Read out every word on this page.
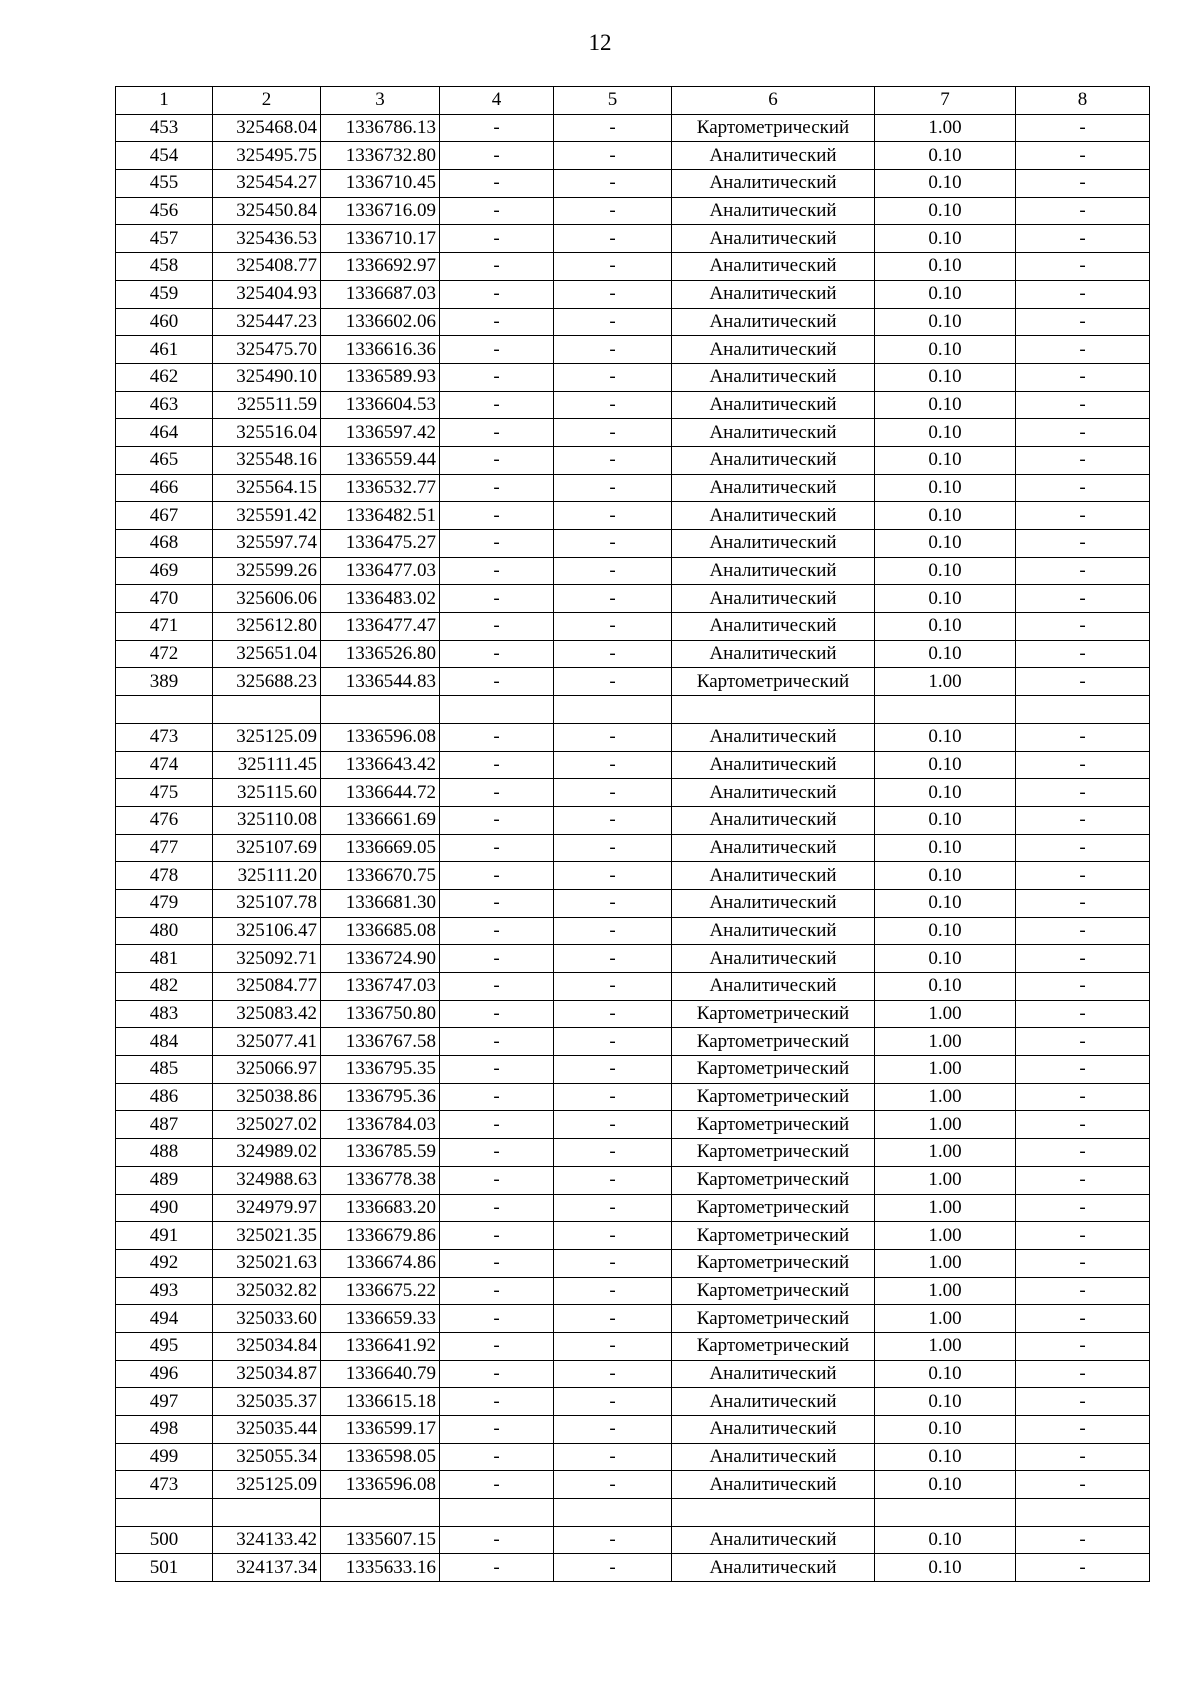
12
1	2	3	4	5	6	7	8
453	325468.04	1336786.13	-	-	Картометрический	1.00	-
454	325495.75	1336732.80	-	-	Аналитический	0.10	-
455	325454.27	1336710.45	-	-	Аналитический	0.10	-
456	325450.84	1336716.09	-	-	Аналитический	0.10	-
457	325436.53	1336710.17	-	-	Аналитический	0.10	-
458	325408.77	1336692.97	-	-	Аналитический	0.10	-
459	325404.93	1336687.03	-	-	Аналитический	0.10	-
460	325447.23	1336602.06	-	-	Аналитический	0.10	-
461	325475.70	1336616.36	-	-	Аналитический	0.10	-
462	325490.10	1336589.93	-	-	Аналитический	0.10	-
463	325511.59	1336604.53	-	-	Аналитический	0.10	-
464	325516.04	1336597.42	-	-	Аналитический	0.10	-
465	325548.16	1336559.44	-	-	Аналитический	0.10	-
466	325564.15	1336532.77	-	-	Аналитический	0.10	-
467	325591.42	1336482.51	-	-	Аналитический	0.10	-
468	325597.74	1336475.27	-	-	Аналитический	0.10	-
469	325599.26	1336477.03	-	-	Аналитический	0.10	-
470	325606.06	1336483.02	-	-	Аналитический	0.10	-
471	325612.80	1336477.47	-	-	Аналитический	0.10	-
472	325651.04	1336526.80	-	-	Аналитический	0.10	-
389	325688.23	1336544.83	-	-	Картометрический	1.00	-

473	325125.09	1336596.08	-	-	Аналитический	0.10	-
474	325111.45	1336643.42	-	-	Аналитический	0.10	-
475	325115.60	1336644.72	-	-	Аналитический	0.10	-
476	325110.08	1336661.69	-	-	Аналитический	0.10	-
477	325107.69	1336669.05	-	-	Аналитический	0.10	-
478	325111.20	1336670.75	-	-	Аналитический	0.10	-
479	325107.78	1336681.30	-	-	Аналитический	0.10	-
480	325106.47	1336685.08	-	-	Аналитический	0.10	-
481	325092.71	1336724.90	-	-	Аналитический	0.10	-
482	325084.77	1336747.03	-	-	Аналитический	0.10	-
483	325083.42	1336750.80	-	-	Картометрический	1.00	-
484	325077.41	1336767.58	-	-	Картометрический	1.00	-
485	325066.97	1336795.35	-	-	Картометрический	1.00	-
486	325038.86	1336795.36	-	-	Картометрический	1.00	-
487	325027.02	1336784.03	-	-	Картометрический	1.00	-
488	324989.02	1336785.59	-	-	Картометрический	1.00	-
489	324988.63	1336778.38	-	-	Картометрический	1.00	-
490	324979.97	1336683.20	-	-	Картометрический	1.00	-
491	325021.35	1336679.86	-	-	Картометрический	1.00	-
492	325021.63	1336674.86	-	-	Картометрический	1.00	-
493	325032.82	1336675.22	-	-	Картометрический	1.00	-
494	325033.60	1336659.33	-	-	Картометрический	1.00	-
495	325034.84	1336641.92	-	-	Картометрический	1.00	-
496	325034.87	1336640.79	-	-	Аналитический	0.10	-
497	325035.37	1336615.18	-	-	Аналитический	0.10	-
498	325035.44	1336599.17	-	-	Аналитический	0.10	-
499	325055.34	1336598.05	-	-	Аналитический	0.10	-
473	325125.09	1336596.08	-	-	Аналитический	0.10	-

500	324133.42	1335607.15	-	-	Аналитический	0.10	-
501	324137.34	1335633.16	-	-	Аналитический	0.10	-
